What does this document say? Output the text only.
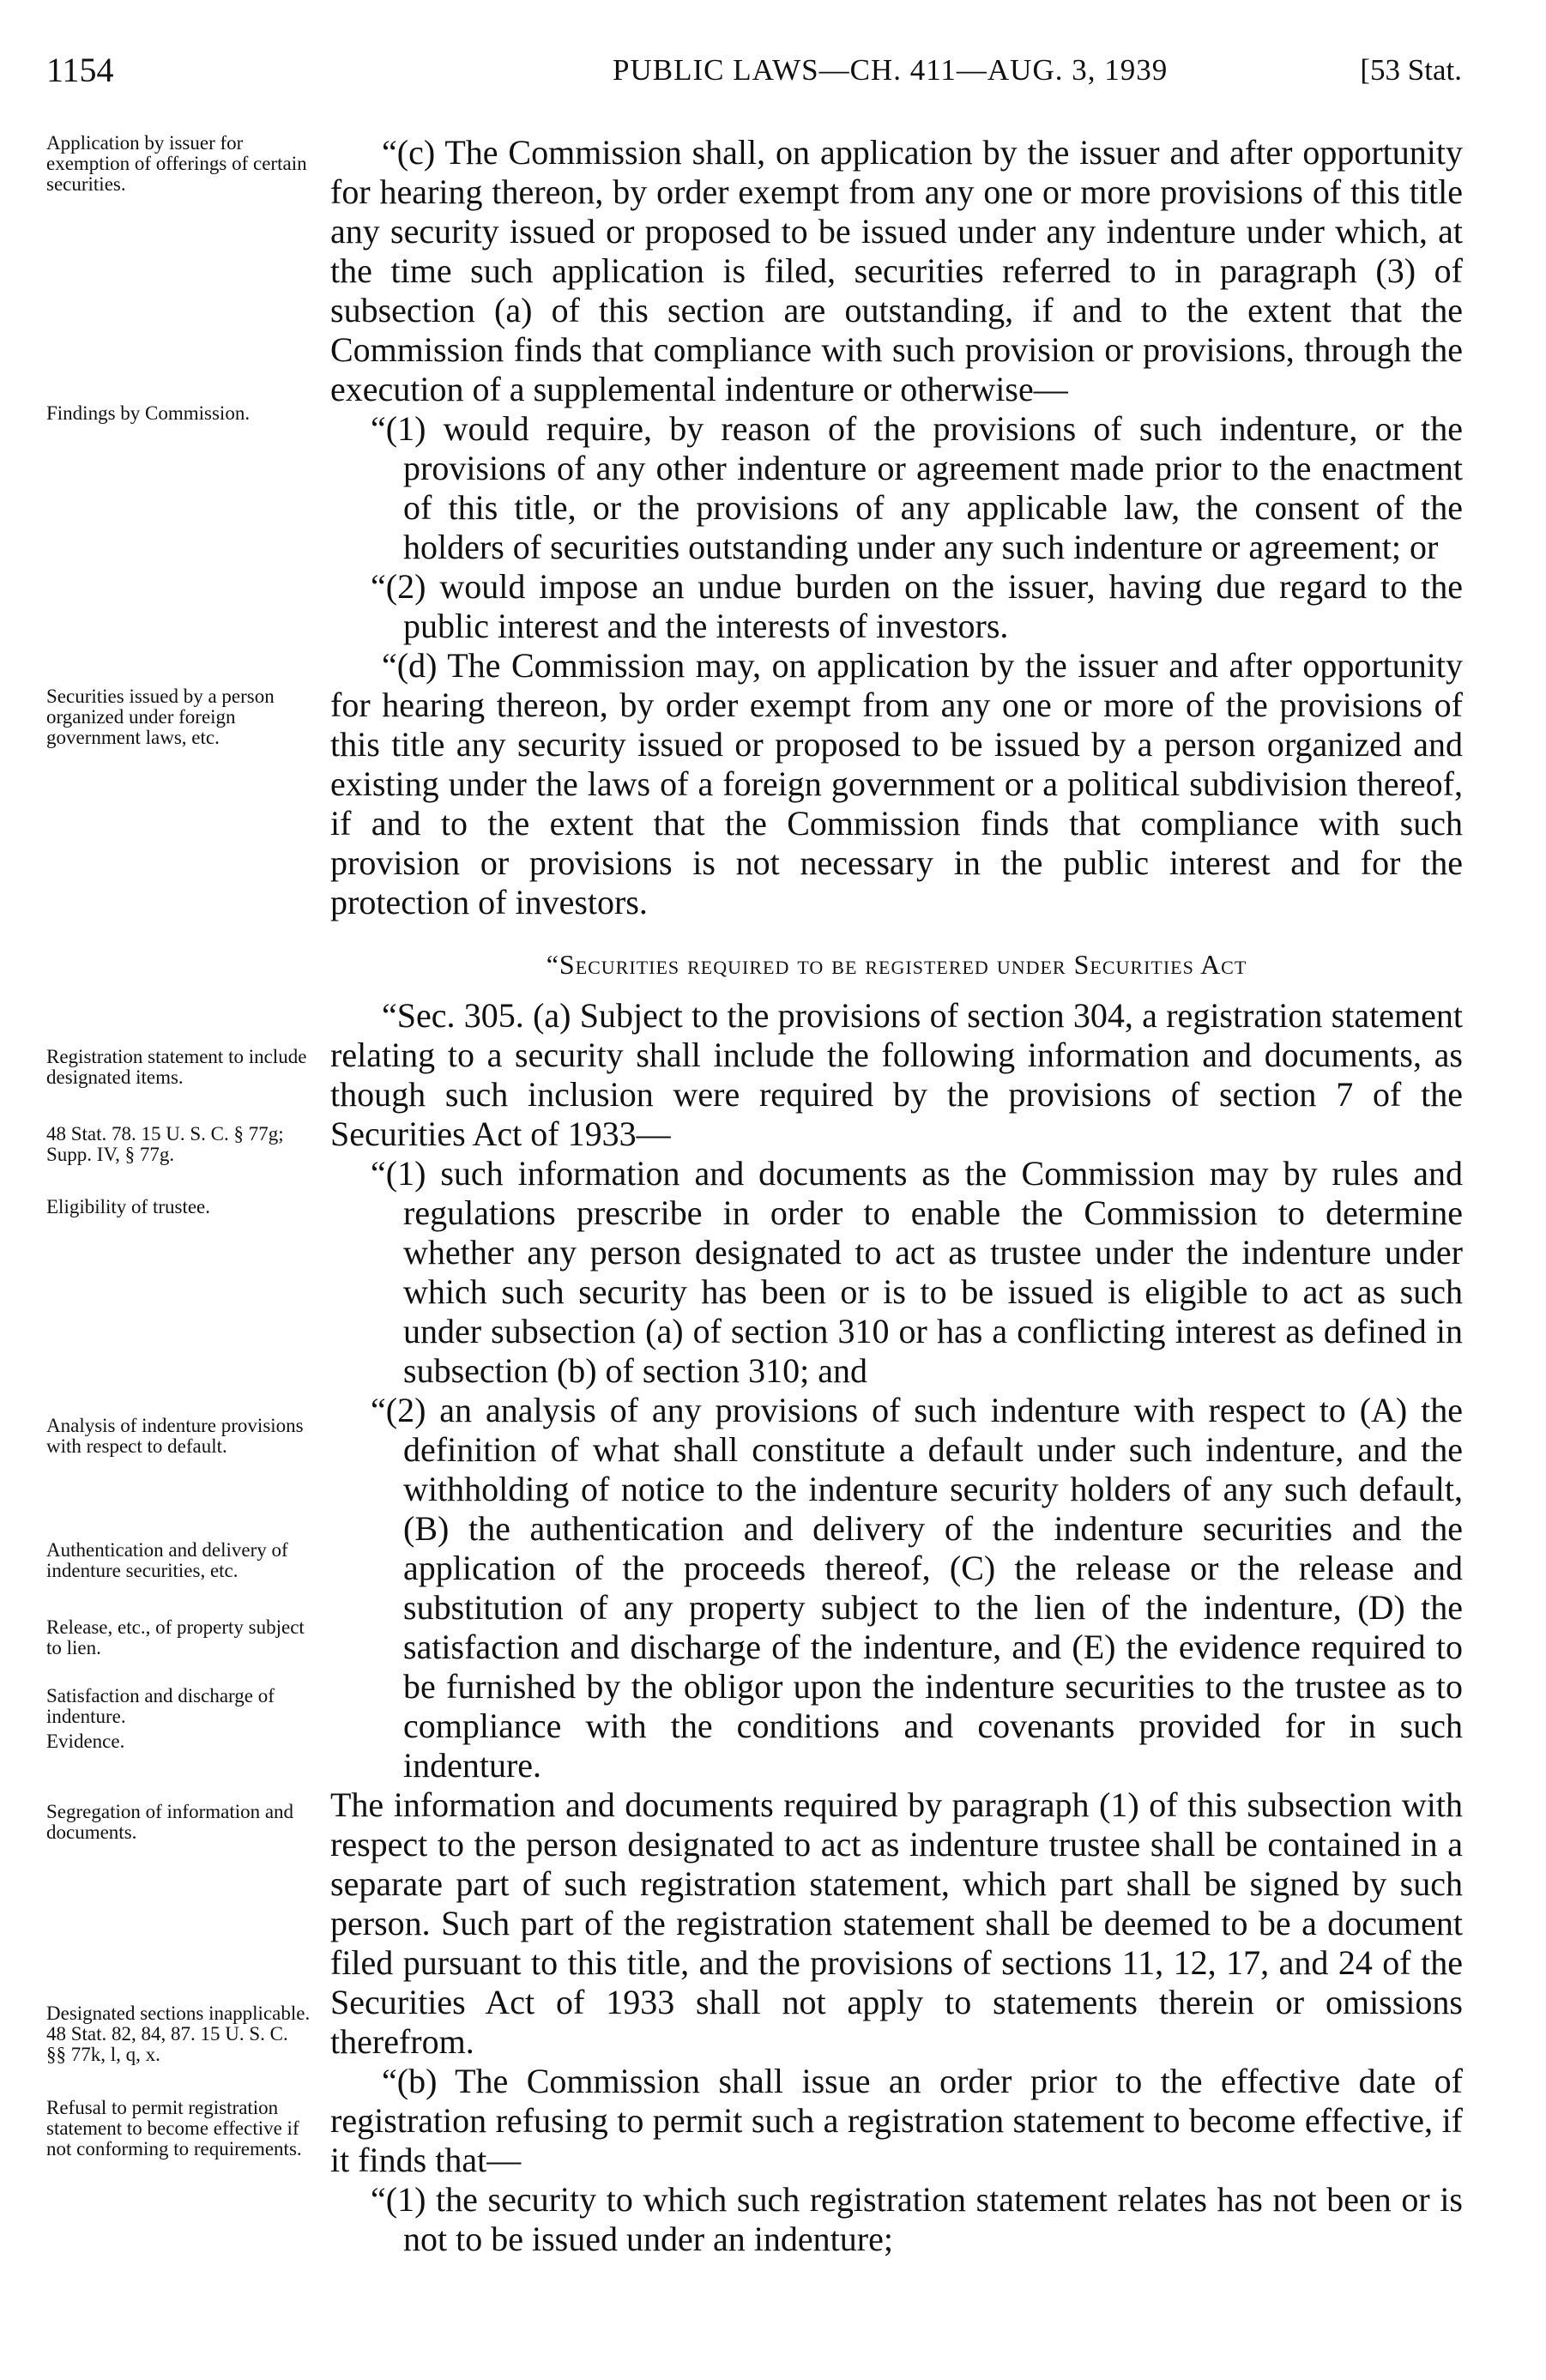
1154	PUBLIC LAWS—CH. 411—AUG. 3, 1939	[53 Stat.
Application by issuer for exemption of offerings of certain securities.
Findings by Commission.
Securities issued by a person organized under foreign government laws, etc.
Registration statement to include designated items.
48 Stat. 78. 15 U. S. C. § 77g; Supp. IV, § 77g.
Eligibility of trustee.
Analysis of indenture provisions with respect to default.
Authentication and delivery of indenture securities, etc.
Release, etc., of property subject to lien.
Satisfaction and discharge of indenture.
Evidence.
Segregation of information and documents.
Designated sections inapplicable. 48 Stat. 82, 84, 87. 15 U. S. C. §§ 77k, l, q, x.
Refusal to permit registration statement to become effective if not conforming to requirements.

“(c) The Commission shall, on application by the issuer and after opportunity for hearing thereon, by order exempt from any one or more provisions of this title any security issued or proposed to be issued under any indenture under which, at the time such application is filed, securities referred to in paragraph (3) of subsection (a) of this section are outstanding, if and to the extent that the Commission finds that compliance with such provision or provisions, through the execution of a supplemental indenture or otherwise—

“(1) would require, by reason of the provisions of such indenture, or the provisions of any other indenture or agreement made prior to the enactment of this title, or the provisions of any applicable law, the consent of the holders of securities outstanding under any such indenture or agreement; or

“(2) would impose an undue burden on the issuer, having due regard to the public interest and the interests of investors.

“(d) The Commission may, on application by the issuer and after opportunity for hearing thereon, by order exempt from any one or more of the provisions of this title any security issued or proposed to be issued by a person organized and existing under the laws of a foreign government or a political subdivision thereof, if and to the extent that the Commission finds that compliance with such provision or provisions is not necessary in the public interest and for the protection of investors.

“Securities required to be registered under Securities Act

“Sec. 305. (a) Subject to the provisions of section 304, a registration statement relating to a security shall include the following information and documents, as though such inclusion were required by the provisions of section 7 of the Securities Act of 1933—

“(1) such information and documents as the Commission may by rules and regulations prescribe in order to enable the Commission to determine whether any person designated to act as trustee under the indenture under which such security has been or is to be issued is eligible to act as such under subsection (a) of section 310 or has a conflicting interest as defined in subsection (b) of section 310; and

“(2) an analysis of any provisions of such indenture with respect to (A) the definition of what shall constitute a default under such indenture, and the withholding of notice to the indenture security holders of any such default, (B) the authentication and delivery of the indenture securities and the application of the proceeds thereof, (C) the release or the release and substitution of any property subject to the lien of the indenture, (D) the satisfaction and discharge of the indenture, and (E) the evidence required to be furnished by the obligor upon the indenture securities to the trustee as to compliance with the conditions and covenants provided for in such indenture.

The information and documents required by paragraph (1) of this subsection with respect to the person designated to act as indenture trustee shall be contained in a separate part of such registration statement, which part shall be signed by such person. Such part of the registration statement shall be deemed to be a document filed pursuant to this title, and the provisions of sections 11, 12, 17, and 24 of the Securities Act of 1933 shall not apply to statements therein or omissions therefrom.

“(b) The Commission shall issue an order prior to the effective date of registration refusing to permit such a registration statement to become effective, if it finds that—

“(1) the security to which such registration statement relates has not been or is not to be issued under an indenture;
